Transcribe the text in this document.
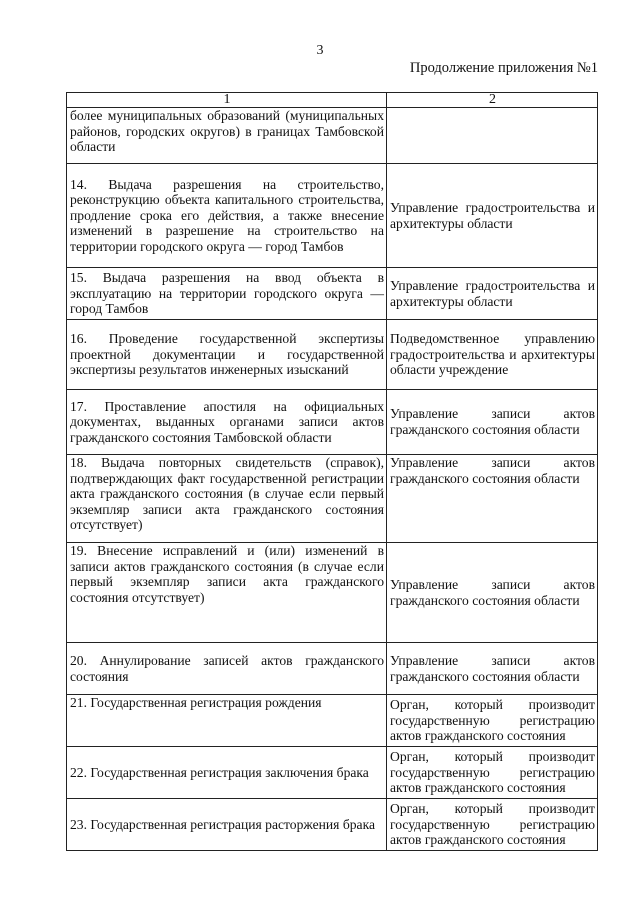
3
Продолжение приложения №1
1	2
более муниципальных образований (муниципальных районов, городских округов) в границах Тамбовской области	
14. Выдача разрешения на строительство, реконструкцию объекта капитального строительства, продление срока его действия, а также внесение изменений в разрешение на строительство на территории городского округа — город Тамбов	Управление градостроительства и архитектуры области
15. Выдача разрешения на ввод объекта в эксплуатацию на территории городского округа — город Тамбов	Управление градостроительства и архитектуры области
16. Проведение государственной экспертизы проектной документации и государственной экспертизы результатов инженерных изысканий	Подведомственное управлению градостроительства и архитектуры области учреждение
17. Проставление апостиля на официальных документах, выданных органами записи актов гражданского состояния Тамбовской области	Управление записи актов гражданского состояния области
18. Выдача повторных свидетельств (справок), подтверждающих факт государственной регистрации акта гражданского состояния (в случае если первый экземпляр записи акта гражданского состояния отсутствует)	Управление записи актов гражданского состояния области
19. Внесение исправлений и (или) изменений в записи актов гражданского состояния (в случае если первый экземпляр записи акта гражданского состояния отсутствует)	Управление записи актов гражданского состояния области
20. Аннулирование записей актов гражданского состояния	Управление записи актов гражданского состояния области
21. Государственная регистрация рождения	Орган, который производит государственную регистрацию актов гражданского состояния
22. Государственная регистрация заключения брака	Орган, который производит государственную регистрацию актов гражданского состояния
23. Государственная регистрация расторжения брака	Орган, который производит государственную регистрацию актов гражданского состояния
